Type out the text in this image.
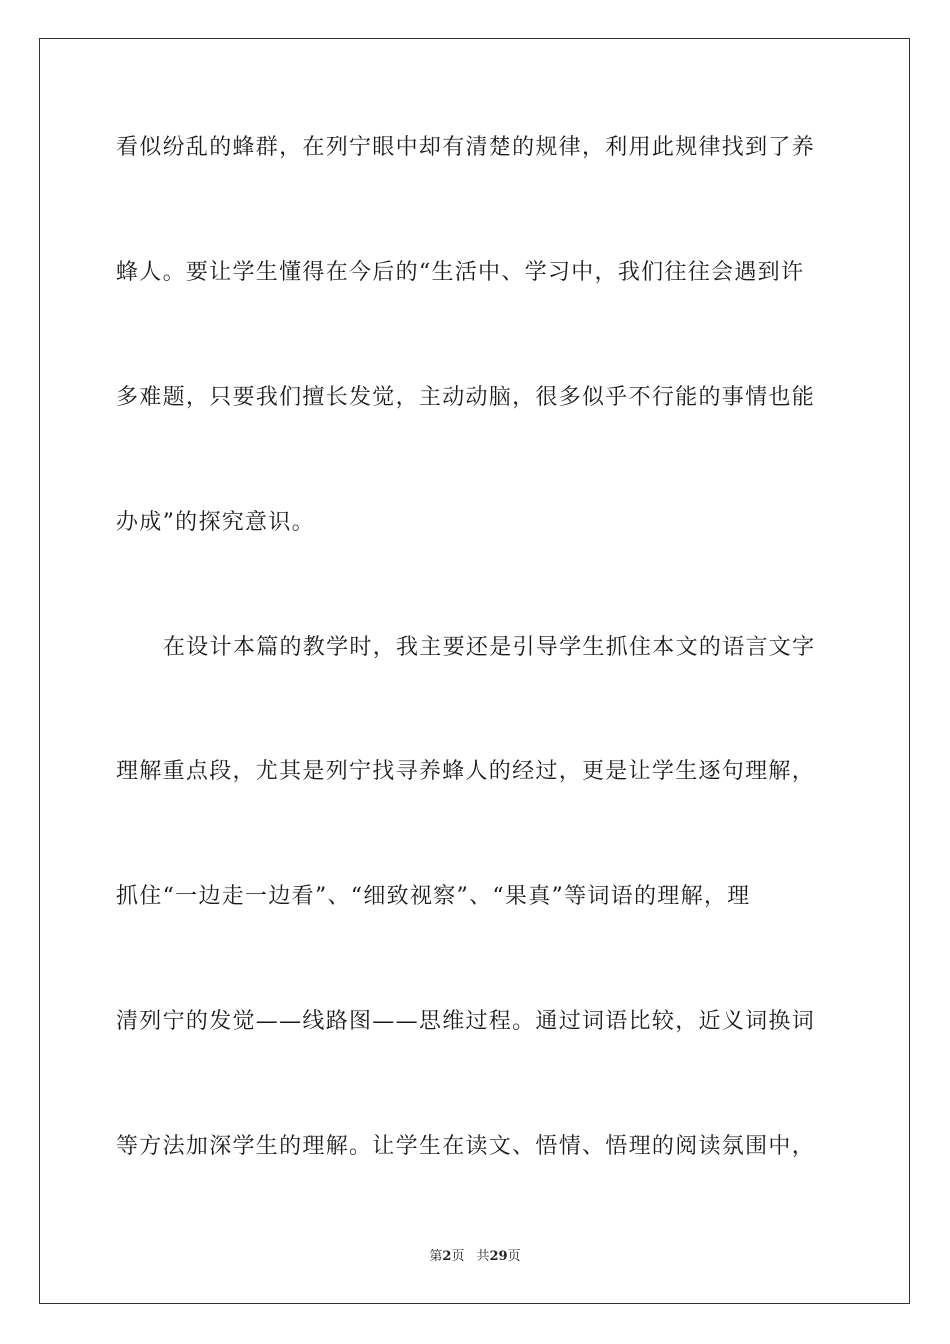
看似纷乱的蜂群，在列宁眼中却有清楚的规律，利用此规律找到了养
蜂人。要让学生懂得在今后的“生活中、学习中，我们往往会遇到许
多难题，只要我们擅长发觉，主动动脑，很多似乎不行能的事情也能
办成”的探究意识。
在设计本篇的教学时，我主要还是引导学生抓住本文的语言文字
理解重点段，尤其是列宁找寻养蜂人的经过，更是让学生逐句理解，
抓住“一边走一边看”、“细致视察”、“果真”等词语的理解，理
清列宁的发觉——线路图——思维过程。通过词语比较，近义词换词
等方法加深学生的理解。让学生在读文、悟情、悟理的阅读氛围中，
第2页 共29页
